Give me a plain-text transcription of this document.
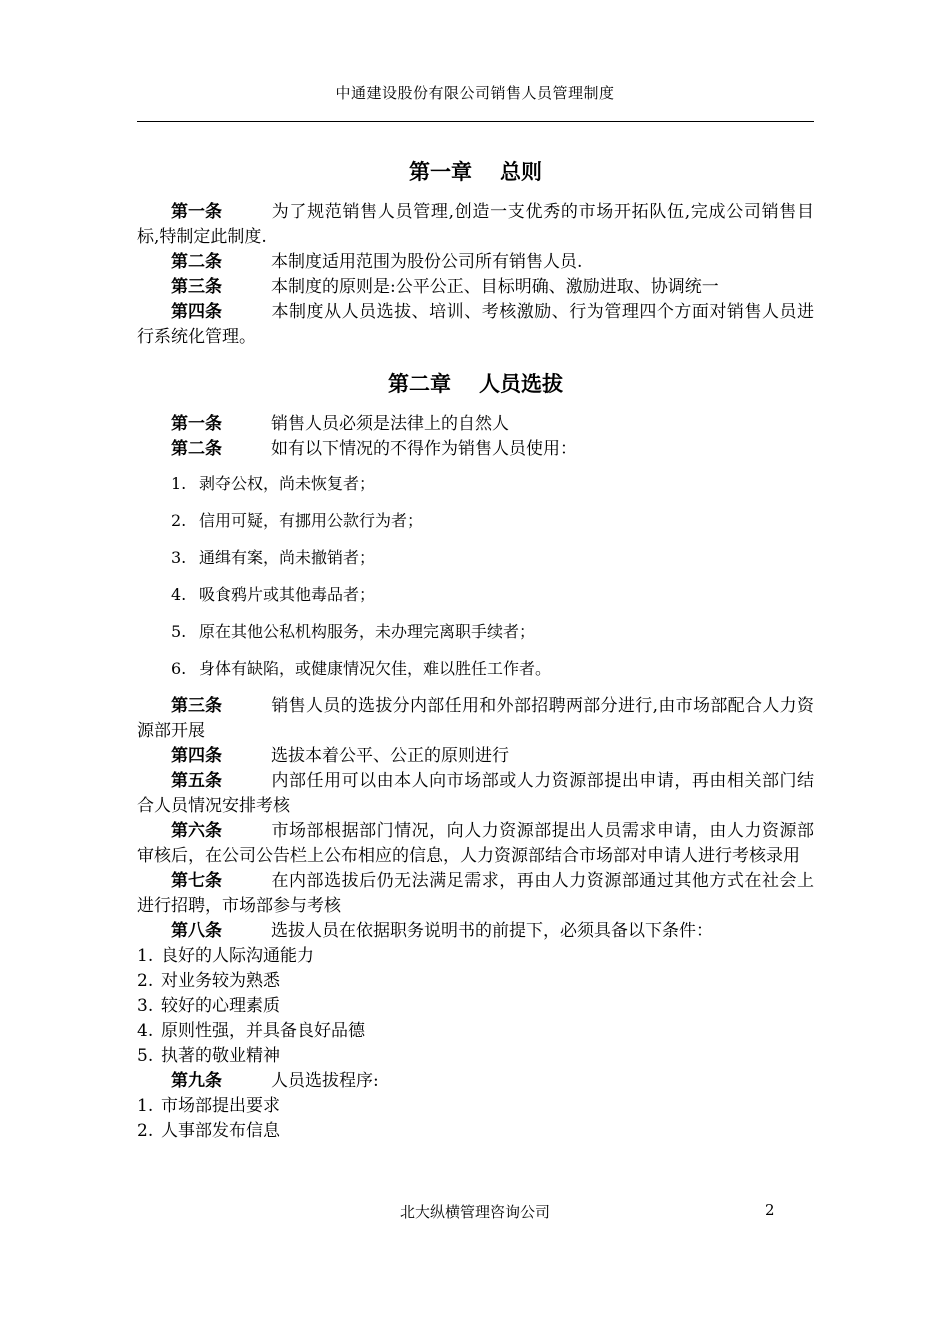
中通建设股份有限公司销售人员管理制度
第一章 总则

第一条	为了规范销售人员管理,创造一支优秀的市场开拓队伍,完成公司销售目标,特制定此制度.

第二条	本制度适用范围为股份公司所有销售人员.

第三条	本制度的原则是:公平公正、目标明确、激励进取、协调统一

第四条	本制度从人员选拔、培训、考核激励、行为管理四个方面对销售人员进行系统化管理。

第二章 人员选拔

第一条	销售人员必须是法律上的自然人

第二条	如有以下情况的不得作为销售人员使用：

1. 剥夺公权，尚未恢复者；
2. 信用可疑，有挪用公款行为者；
3. 通缉有案，尚未撤销者；
4. 吸食鸦片或其他毒品者；
5. 原在其他公私机构服务，未办理完离职手续者；
6. 身体有缺陷，或健康情况欠佳，难以胜任工作者。

第三条	销售人员的选拔分内部任用和外部招聘两部分进行,由市场部配合人力资源部开展

第四条	选拔本着公平、公正的原则进行

第五条	内部任用可以由本人向市场部或人力资源部提出申请，再由相关部门结合人员情况安排考核

第六条	市场部根据部门情况，向人力资源部提出人员需求申请，由人力资源部审核后，在公司公告栏上公布相应的信息，人力资源部结合市场部对申请人进行考核录用

第七条	在内部选拔后仍无法满足需求，再由人力资源部通过其他方式在社会上进行招聘，市场部参与考核

第八条	选拔人员在依据职务说明书的前提下，必须具备以下条件：

1. 良好的人际沟通能力
2. 对业务较为熟悉
3. 较好的心理素质
4. 原则性强，并具备良好品德
5. 执著的敬业精神

第九条	人员选拔程序:

1. 市场部提出要求
2. 人事部发布信息
北大纵横管理咨询公司	2
